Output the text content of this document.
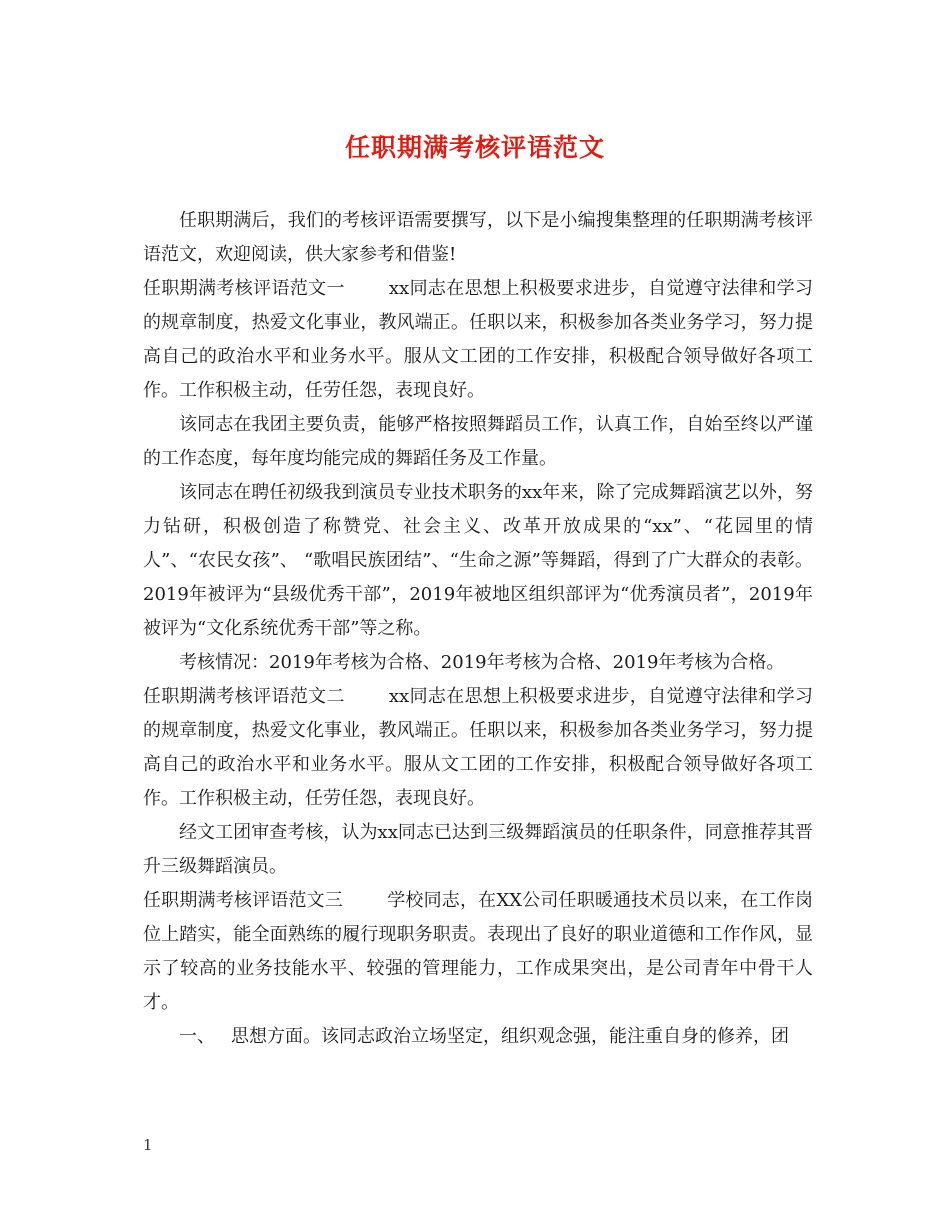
任职期满考核评语范文

任职期满后，我们的考核评语需要撰写，以下是小编搜集整理的任职期满考核评语范文，欢迎阅读，供大家参考和借鉴!

任职期满考核评语范文一 xx同志在思想上积极要求进步，自觉遵守法律和学习的规章制度，热爱文化事业，教风端正。任职以来，积极参加各类业务学习，努力提高自己的政治水平和业务水平。服从文工团的工作安排，积极配合领导做好各项工作。工作积极主动，任劳任怨，表现良好。

该同志在我团主要负责，能够严格按照舞蹈员工作，认真工作，自始至终以严谨的工作态度，每年度均能完成的舞蹈任务及工作量。

该同志在聘任初级我到演员专业技术职务的xx年来，除了完成舞蹈演艺以外，努力钻研，积极创造了称赞党、社会主义、改革开放成果的“xx”、“花园里的情人”、“农民女孩”、 “歌唱民族团结”、“生命之源”等舞蹈，得到了广大群众的表彰。2019年被评为“县级优秀干部”，2019年被地区组织部评为“优秀演员者”，2019年被评为“文化系统优秀干部”等之称。

考核情况：2019年考核为合格、2019年考核为合格、2019年考核为合格。

任职期满考核评语范文二 xx同志在思想上积极要求进步，自觉遵守法律和学习的规章制度，热爱文化事业，教风端正。任职以来，积极参加各类业务学习，努力提高自己的政治水平和业务水平。服从文工团的工作安排，积极配合领导做好各项工作。工作积极主动，任劳任怨，表现良好。

经文工团审查考核，认为xx同志已达到三级舞蹈演员的任职条件，同意推荐其晋升三级舞蹈演员。

任职期满考核评语范文三 学校同志，在XX公司任职暖通技术员以来，在工作岗位上踏实，能全面熟练的履行现职务职责。表现出了良好的职业道德和工作作风，显示了较高的业务技能水平、较强的管理能力，工作成果突出，是公司青年中骨干人才。

一、 思想方面。该同志政治立场坚定，组织观念强，能注重自身的修养，团

1
